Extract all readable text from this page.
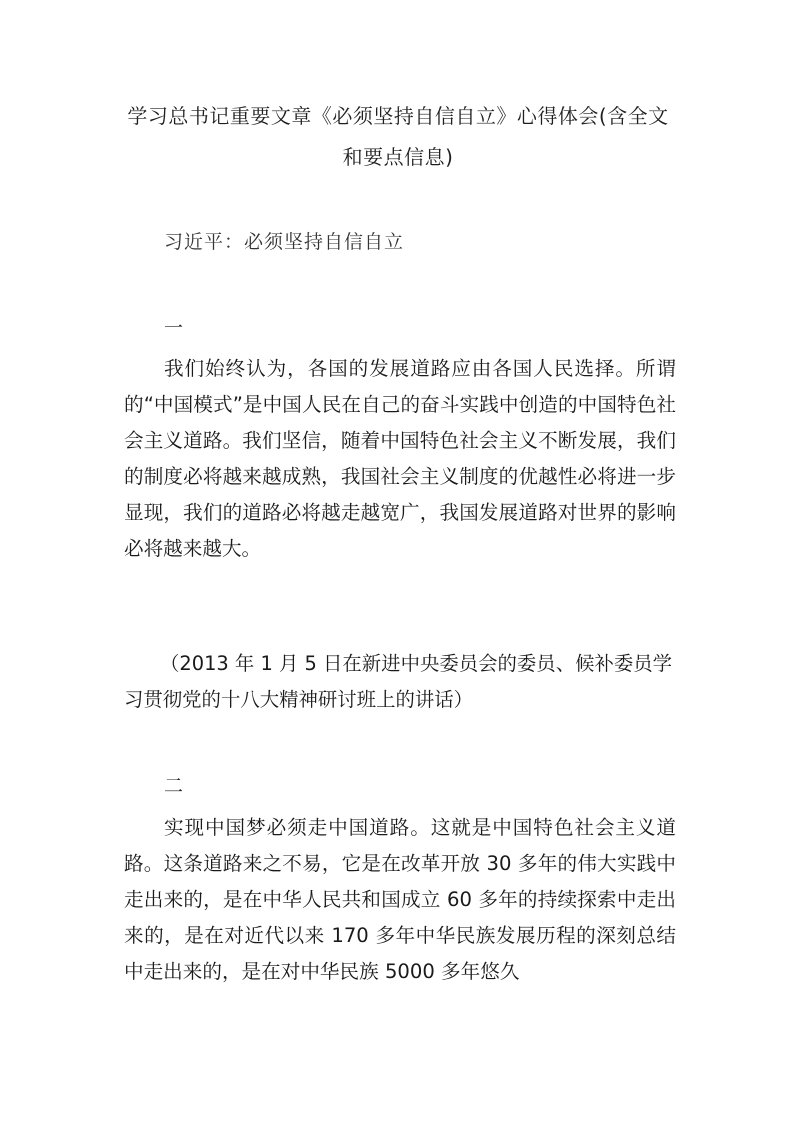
学习总书记重要文章《必须坚持自信自立》心得体会(含全文和要点信息)

习近平：必须坚持自信自立

一

我们始终认为，各国的发展道路应由各国人民选择。所谓的“中国模式”是中国人民在自己的奋斗实践中创造的中国特色社会主义道路。我们坚信，随着中国特色社会主义不断发展，我们的制度必将越来越成熟，我国社会主义制度的优越性必将进一步显现，我们的道路必将越走越宽广，我国发展道路对世界的影响必将越来越大。

（2013 年 1 月 5 日在新进中央委员会的委员、候补委员学习贯彻党的十八大精神研讨班上的讲话）

二

实现中国梦必须走中国道路。这就是中国特色社会主义道路。这条道路来之不易，它是在改革开放 30 多年的伟大实践中走出来的，是在中华人民共和国成立 60 多年的持续探索中走出来的，是在对近代以来 170 多年中华民族发展历程的深刻总结中走出来的，是在对中华民族 5000 多年悠久
